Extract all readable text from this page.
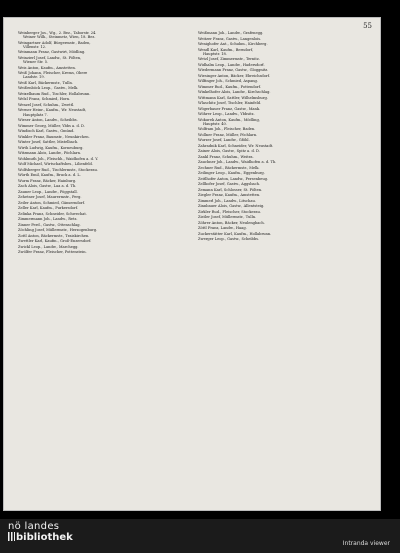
55
Weinberger Jos., Wg., 2. Bez., Taborstr. 24.
Weiner Wilh., Steinmetz, Wien, 18. Bez.
Weingartner Adolf, Bürgermstr., Baden,
Villenstr. 12.
Weinmann Franz, Gastwirt, Mödling.
Weinzierl Josef, Landw., St. Pölten,
Wiener Str. 5.
Weis Anton, Kaufm., Amstetten.
Weiß Johann, Fleischer, Krems, Obere
Landstr. 19.
Weiß Karl, Bäckermstr., Tulln.
Weißenböck Leop., Gastw., Melk.
Weixelbaum Rud., Tischler, Hollabrunn.
Welzl Franz, Schmied, Horn.
Wenzel Josef, Schuhm., Zwettl.
Werner Heinr., Kaufm., Wr. Neustadt,
Hauptplatz 7.
Wieser Anton, Landw., Scheibbs.
Wimmer Georg, Müller, Ybbs a. d. D.
Windisch Karl, Gastw., Gmünd.
Winkler Franz, Baumstr., Neunkirchen.
Winter Josef, Sattler, Mistelbach.
Wirth Ludwig, Kaufm., Korneuburg.
Witzmann Alois, Landw., Pöchlarn.
Wohlmuth Joh., Fleischh., Waidhofen a. d. Y.
Wolf Michael, Wirtschaftsbes., Lilienfeld.
Wolfsberger Rud., Tischlermstr., Stockerau.
Würth Emil, Kaufm., Bruck a. d. L.
Wurm Franz, Bäcker, Hainburg.
Zach Alois, Gastw., Laa a. d. Th.
Zauner Leop., Landw., Pöggstall.
Zehetner Josef, Maurermstr., Perg.
Zeiler Anton, Schmied, Gänserndorf.
Zeller Karl, Kaufm., Purkersdorf.
Zelinka Franz, Schneider, Schwechat.
Zimmermann Joh., Landw., Retz.
Zinner Ferd., Gastw., Ottenschlag.
Zöchling Josef, Müllermstr., Herzogenburg.
Zottl Anton, Bäckermstr., Traiskirchen.
Zwettler Karl, Kaufm., Groß-Enzersdorf.
Zwickl Leop., Landw., Marchegg.
Zwölfer Franz, Fleischer, Pottenstein.
Weißmann Joh., Landw., Grafenegg.
Weitzer Franz, Gastw., Langenlois.
Wenighofer Ant., Schuhm., Kirchberg.
Wendl Karl, Kaufm., Berndorf,
Hauptstr. 18.
Wetzl Josef, Zimmermstr., Ternitz.
Widhalm Leop., Landw., Hadersdorf.
Wiedermann Franz, Gastw., Gloggnitz.
Wiesinger Anton, Bäcker, Ebreichsdorf.
Wilfinger Joh., Schmied, Aspang.
Wimmer Rud., Kaufm., Pottendorf.
Winkelhofer Alois, Landw., Kirchschlag.
Wittmann Karl, Sattler, Wilhelmsburg.
Wlaschitz Josef, Tischler, Hainfeld.
Wögerbauer Franz, Gastw., Mank.
Wöhrer Leop., Landw., Ybbsitz.
Wokurek Anton, Kaufm., Mödling,
Hauptstr. 40.
Wolfram Joh., Fleischer, Baden.
Wollner Franz, Müller, Pöchlarn.
Wurzer Josef, Landw., Gföhl.
Zahradnik Karl, Schneider, Wr. Neustadt.
Zainer Alois, Gastw., Spitz a. d. D.
Zankl Franz, Schuhm., Weitra.
Zauchner Joh., Landw., Waidhofen a. d. Th.
Zechner Rud., Bäckermstr., Melk.
Zeilinger Leop., Kaufm., Eggenburg.
Zeitlhofer Anton, Landw., Persenbeug.
Zellhofer Josef, Gastw., Aggsbach.
Zemann Karl, Schlosser, St. Pölten.
Ziegler Franz, Kaufm., Amstetten.
Zimmerl Joh., Landw., Litschau.
Zinnbauer Alois, Gastw., Allentsteig.
Zirkler Rud., Fleischer, Stockerau.
Zistler Josef, Müllermstr., Tulln.
Zöhrer Anton, Bäcker, Neulengbach.
Zöttl Franz, Landw., Haag.
Zuckerstätter Karl, Kaufm., Hollabrunn.
Zwerger Leop., Gastw., Scheibbs.
nö landes
bibliothek
Intranda viewer
